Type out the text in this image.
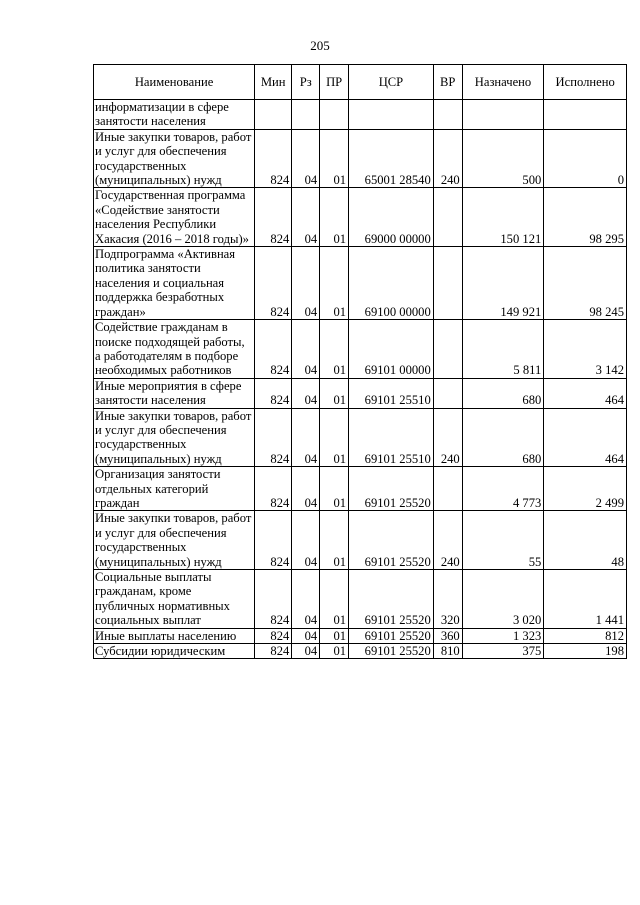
205
Наименование	Мин	Рз	ПР	ЦСР	ВР	Назначено	Исполнено
информатизации в сфере занятости населения							
Иные закупки товаров, работ и услуг для обеспечения государственных (муниципальных) нужд	824	04	01	65001 28540	240	500	0
Государственная программа «Содействие занятости населения Республики Хакасия (2016 – 2018 годы)»	824	04	01	69000 00000		150 121	98 295
Подпрограмма «Активная политика занятости населения и социальная поддержка безработных граждан»	824	04	01	69100 00000		149 921	98 245
Содействие гражданам в поиске подходящей работы, а работодателям в подборе необходимых работников	824	04	01	69101 00000		5 811	3 142
Иные мероприятия в сфере занятости населения	824	04	01	69101 25510		680	464
Иные закупки товаров, работ и услуг для обеспечения государственных (муниципальных) нужд	824	04	01	69101 25510	240	680	464
Организация занятости отдельных категорий граждан	824	04	01	69101 25520		4 773	2 499
Иные закупки товаров, работ и услуг для обеспечения государственных (муниципальных) нужд	824	04	01	69101 25520	240	55	48
Социальные выплаты гражданам, кроме публичных нормативных социальных выплат	824	04	01	69101 25520	320	3 020	1 441
Иные выплаты населению	824	04	01	69101 25520	360	1 323	812
Субсидии юридическим	824	04	01	69101 25520	810	375	198
